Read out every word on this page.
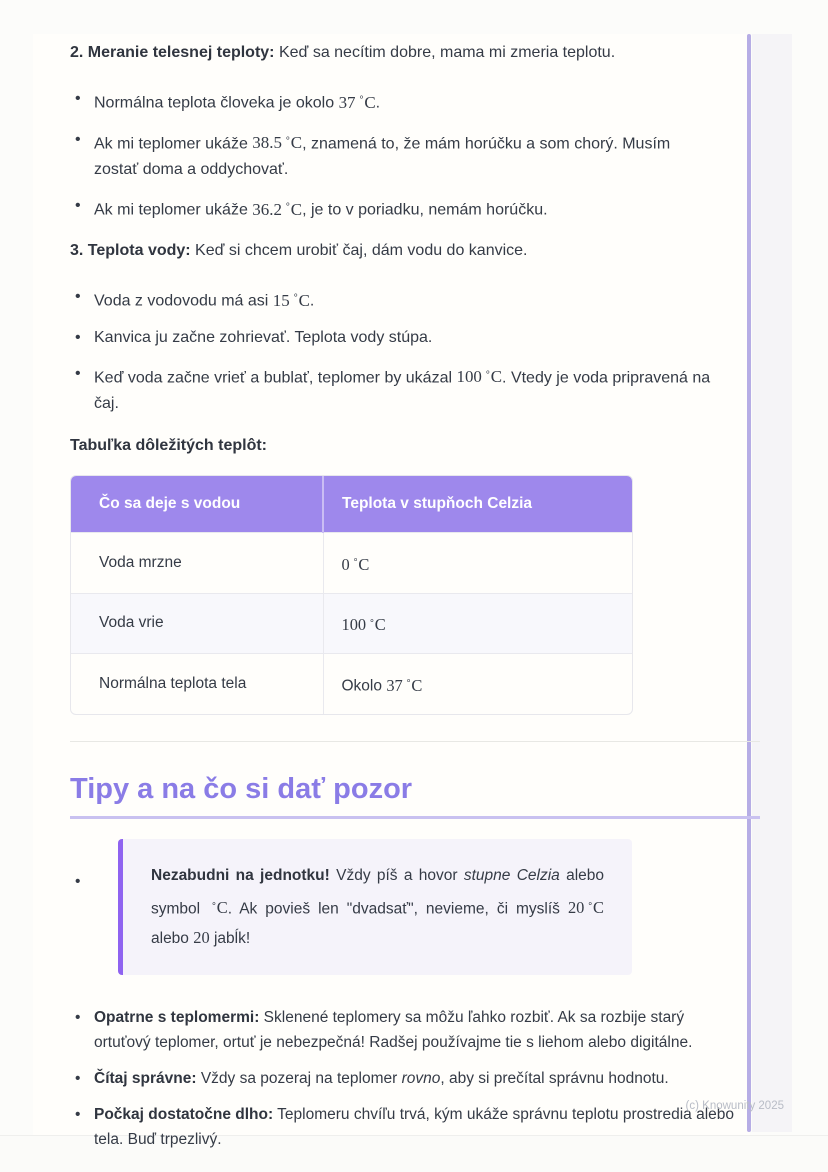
2. Meranie telesnej teploty: Keď sa necítim dobre, mama mi zmeria teplotu.

• Normálna teplota človeka je okolo 37 ∘C.
• Ak mi teplomer ukáže 38.5 ∘C, znamená to, že mám horúčku a som chorý. Musím zostať doma a oddychovať.
• Ak mi teplomer ukáže 36.2 ∘C, je to v poriadku, nemám horúčku.

3. Teplota vody: Keď si chcem urobiť čaj, dám vodu do kanvice.

• Voda z vodovodu má asi 15 ∘C.
• Kanvica ju začne zohrievať. Teplota vody stúpa.
• Keď voda začne vrieť a bublať, teplomer by ukázal 100 ∘C. Vtedy je voda pripravená na čaj.

Tabuľka dôležitých teplôt:

Čo sa deje s vodou	Teplota v stupňoch Celzia
Voda mrzne	0 ∘C
Voda vrie	100 ∘C
Normálna teplota tela	Okolo 37 ∘C
Tipy a na čo si dať pozor
• Nezabudni na jednotku! Vždy píš a hovor stupne Celzia alebo symbol ∘C. Ak povieš len "dvadsať", nevieme, či myslíš 20 ∘C alebo 20 jabĺk!
• Opatrne s teplomermi: Sklenené teplomery sa môžu ľahko rozbiť. Ak sa rozbije starý ortuťový teplomer, ortuť je nebezpečná! Radšej používajme tie s liehom alebo digitálne.
• Čítaj správne: Vždy sa pozeraj na teplomer rovno, aby si prečítal správnu hodnotu.
• Počkaj dostatočne dlho: Teplomeru chvíľu trvá, kým ukáže správnu teplotu prostredia alebo tela. Buď trpezlivý.
(c) Knowunity 2025
